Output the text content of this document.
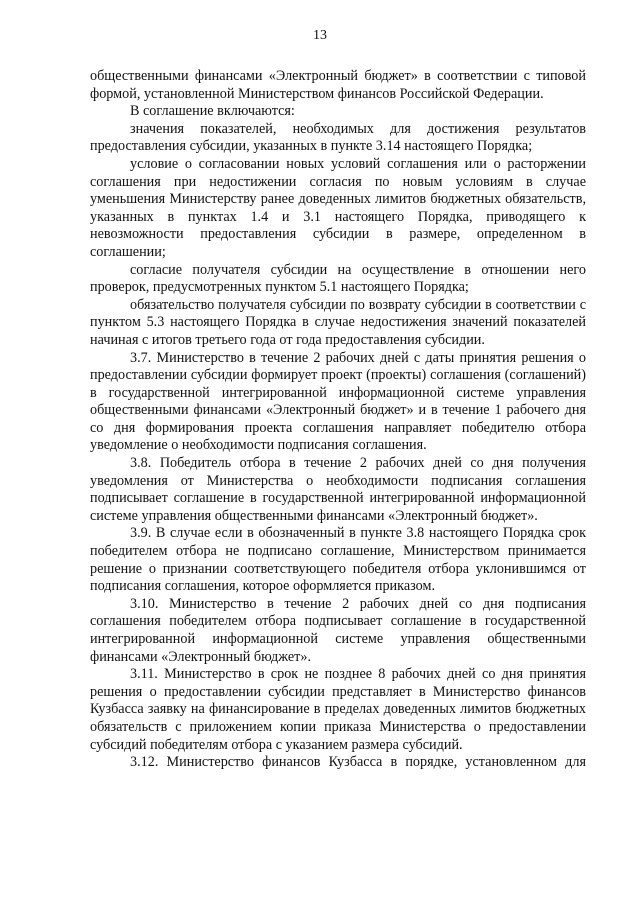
13

общественными финансами «Электронный бюджет» в соответствии с типовой формой, установленной Министерством финансов Российской Федерации.

В соглашение включаются:

значения показателей, необходимых для достижения результатов предоставления субсидии, указанных в пункте 3.14 настоящего Порядка;

условие о согласовании новых условий соглашения или о расторжении соглашения при недостижении согласия по новым условиям в случае уменьшения Министерству ранее доведенных лимитов бюджетных обязательств, указанных в пунктах 1.4 и 3.1 настоящего Порядка, приводящего к невозможности предоставления субсидии в размере, определенном в соглашении;

согласие получателя субсидии на осуществление в отношении него проверок, предусмотренных пунктом 5.1 настоящего Порядка;

обязательство получателя субсидии по возврату субсидии в соответствии с пунктом 5.3 настоящего Порядка в случае недостижения значений показателей начиная с итогов третьего года от года предоставления субсидии.

3.7. Министерство в течение 2 рабочих дней с даты принятия решения о предоставлении субсидии формирует проект (проекты) соглашения (соглашений) в государственной интегрированной информационной системе управления общественными финансами «Электронный бюджет» и в течение 1 рабочего дня со дня формирования проекта соглашения направляет победителю отбора уведомление о необходимости подписания соглашения.

3.8. Победитель отбора в течение 2 рабочих дней со дня получения уведомления от Министерства о необходимости подписания соглашения подписывает соглашение в государственной интегрированной информационной системе управления общественными финансами «Электронный бюджет».

3.9. В случае если в обозначенный в пункте 3.8 настоящего Порядка срок победителем отбора не подписано соглашение, Министерством принимается решение о признании соответствующего победителя отбора уклонившимся от подписания соглашения, которое оформляется приказом.

3.10. Министерство в течение 2 рабочих дней со дня подписания соглашения победителем отбора подписывает соглашение в государственной интегрированной информационной системе управления общественными финансами «Электронный бюджет».

3.11. Министерство в срок не позднее 8 рабочих дней со дня принятия решения о предоставлении субсидии представляет в Министерство финансов Кузбасса заявку на финансирование в пределах доведенных лимитов бюджетных обязательств с приложением копии приказа Министерства о предоставлении субсидий победителям отбора с указанием размера субсидий.

3.12. Министерство финансов Кузбасса в порядке, установленном для
